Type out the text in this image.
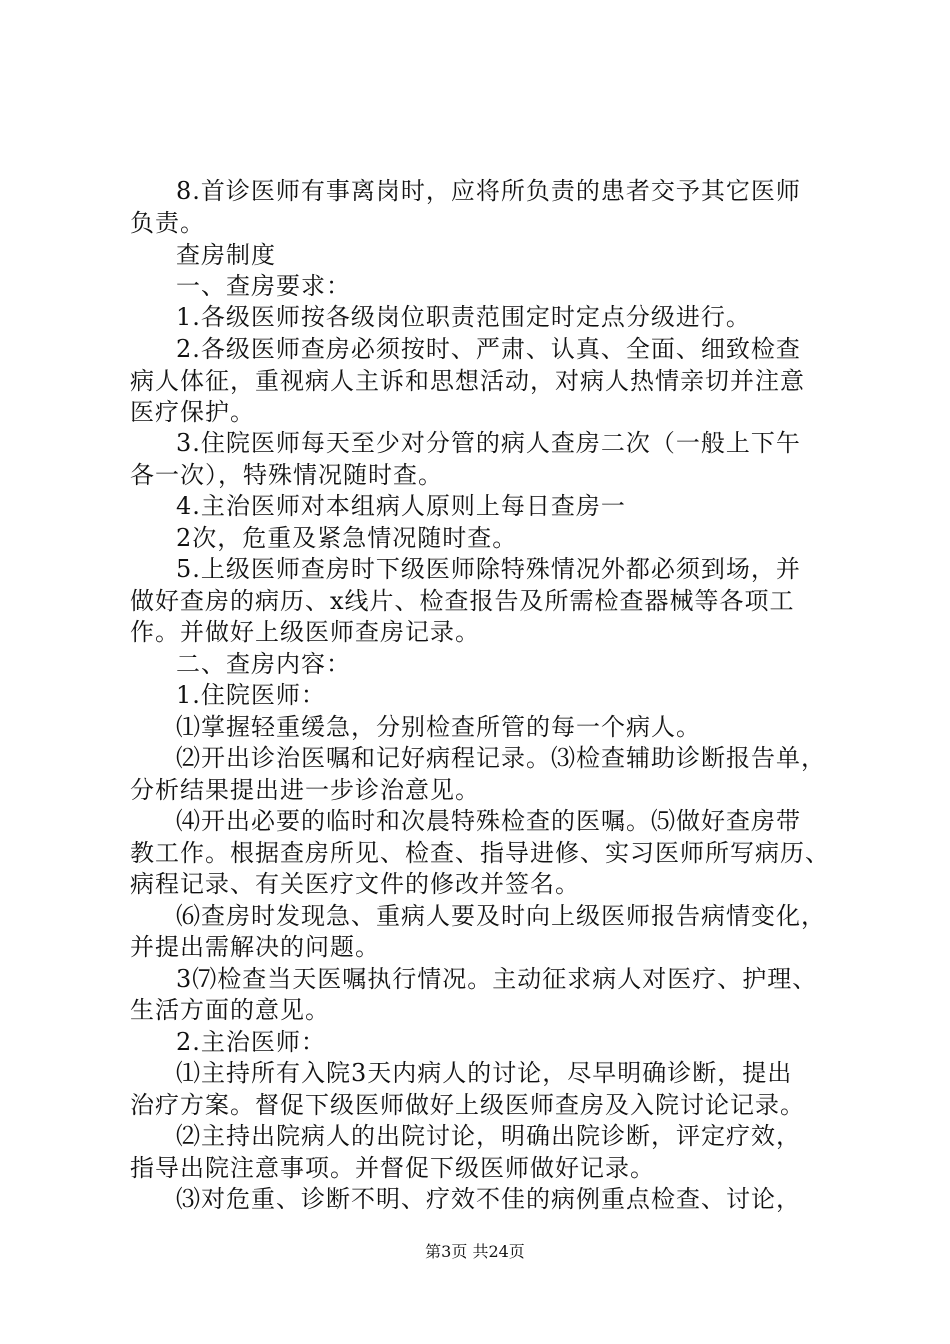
8.首诊医师有事离岗时，应将所负责的患者交予其它医师
负责。
查房制度
一、查房要求：
1.各级医师按各级岗位职责范围定时定点分级进行。
2.各级医师查房必须按时、严肃、认真、全面、细致检查
病人体征，重视病人主诉和思想活动，对病人热情亲切并注意
医疗保护。
3.住院医师每天至少对分管的病人查房二次（一般上下午
各一次），特殊情况随时查。
4.主治医师对本组病人原则上每日查房一
2次，危重及紧急情况随时查。
5.上级医师查房时下级医师除特殊情况外都必须到场，并
做好查房的病历、x线片、检查报告及所需检查器械等各项工
作。并做好上级医师查房记录。
二、查房内容：
1.住院医师：
⑴掌握轻重缓急，分别检查所管的每一个病人。
⑵开出诊治医嘱和记好病程记录。⑶检查辅助诊断报告单，
分析结果提出进一步诊治意见。
⑷开出必要的临时和次晨特殊检查的医嘱。⑸做好查房带
教工作。根据查房所见、检查、指导进修、实习医师所写病历、
病程记录、有关医疗文件的修改并签名。
⑹查房时发现急、重病人要及时向上级医师报告病情变化，
并提出需解决的问题。
3⑺检查当天医嘱执行情况。主动征求病人对医疗、护理、
生活方面的意见。
2.主治医师：
⑴主持所有入院3天内病人的讨论，尽早明确诊断，提出
治疗方案。督促下级医师做好上级医师查房及入院讨论记录。
⑵主持出院病人的出院讨论，明确出院诊断，评定疗效，
指导出院注意事项。并督促下级医师做好记录。
⑶对危重、诊断不明、疗效不佳的病例重点检查、讨论，
第3页 共24页
